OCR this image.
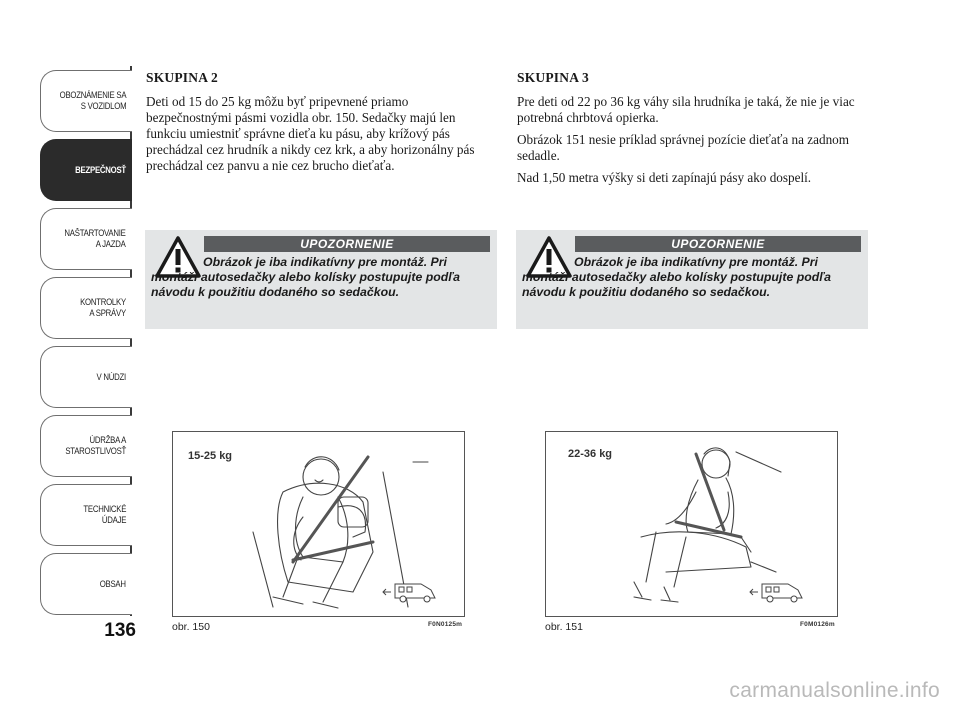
OBOZNÁMENIE SA
S VOZIDLOM
BEZPEČNOSŤ
NAŠTARTOVANIE
A JAZDA
KONTROLKY
A SPRÁVY
V NÚDZI
ÚDRŽBA A
STAROSTLIVOSŤ
TECHNICKÉ
ÚDAJE
OBSAH
136
SKUPINA 2

Deti od 15 do 25 kg môžu byť pripevnené priamo bezpečnostnými pásmi vozidla obr. 150. Sedačky majú len funkciu umiestniť správne dieťa ku pásu, aby krížový pás prechádzal cez hrudník a nikdy cez krk, a aby horizonálny pás prechádzal cez panvu a nie cez brucho dieťaťa.

SKUPINA 3

Pre deti od 22 po 36 kg váhy sila hrudníka je taká, že nie je viac potrebná chrbtová opierka.

Obrázok 151 nesie príklad správnej pozície dieťaťa na zadnom sedadle.

Nad 1,50 metra výšky si deti zapínajú pásy ako dospelí.

UPOZORNENIE
Obrázok je iba indikatívny pre montáž. Pri montáži autosedačky alebo kolísky postupujte podľa návodu k použitiu dodaného so sedačkou.
UPOZORNENIE
Obrázok je iba indikatívny pre montáž. Pri montáži autosedačky alebo kolísky postupujte podľa návodu k použitiu dodaného so sedačkou.
15-25 kg
obr. 150	F0N0125m
22-36 kg
obr. 151	F0M0126m
carmanualsonline.info
